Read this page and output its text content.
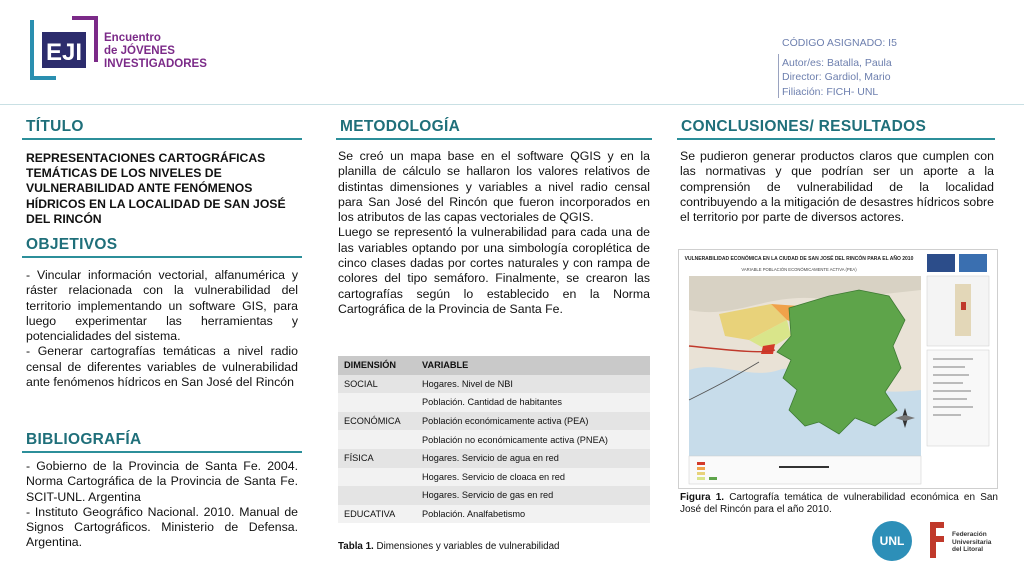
EJI
Encuentro
de JÓVENES
INVESTIGADORES
CÓDIGO ASIGNADO: I5
Autor/es: Batalla, Paula
Director: Gardiol, Mario
Filiación: FICH- UNL
TÍTULO
REPRESENTACIONES CARTOGRÁFICAS TEMÁTICAS DE LOS NIVELES DE VULNERABILIDAD ANTE FENÓMENOS HÍDRICOS EN LA LOCALIDAD DE SAN JOSÉ DEL RINCÓN
OBJETIVOS
- Vincular información vectorial, alfanumérica y ráster relacionada con la vulnerabilidad del territorio implementando un software GIS, para luego experimentar las herramientas y potencialidades del sistema.
- Generar cartografías temáticas a nivel radio censal de diferentes variables de vulnerabilidad ante fenómenos hídricos en San José del Rincón
BIBLIOGRAFÍA
- Gobierno de la Provincia de Santa Fe. 2004. Norma Cartográfica de la Provincia de Santa Fe. SCIT-UNL. Argentina
- Instituto Geográfico Nacional. 2010. Manual de Signos Cartográficos. Ministerio de Defensa. Argentina.
METODOLOGÍA
Se creó un mapa base en el software QGIS y en la planilla de cálculo se hallaron los valores relativos de distintas dimensiones y variables a nivel radio censal para San José del Rincón que fueron incorporados en los atributos de las capas vectoriales de QGIS.
Luego se representó la vulnerabilidad para cada una de las variables optando por una simbología coroplética de cinco clases dadas por cortes naturales y con rampa de colores del tipo semáforo. Finalmente, se crearon las cartografías según lo establecido en la Norma Cartográfica de la Provincia de Santa Fe.
DIMENSIÓN	VARIABLE
SOCIAL	Hogares. Nivel de NBI
	Población. Cantidad de habitantes
ECONÓMICA	Población económicamente activa (PEA)
	Población no económicamente activa (PNEA)
FÍSICA	Hogares. Servicio de agua en red
	Hogares. Servicio de cloaca en red
	Hogares. Servicio de gas en red
EDUCATIVA	Población. Analfabetismo
Tabla 1. Dimensiones y variables de vulnerabilidad
CONCLUSIONES/ RESULTADOS
Se pudieron generar productos claros que cumplen con las normativas y que podrían ser un aporte a la comprensión de vulnerabilidad de la localidad contribuyendo a la mitigación de desastres hídricos sobre el territorio por parte de diversos actores.
VULNERABILIDAD ECONÓMICA EN LA CIUDAD DE SAN JOSÉ DEL RINCÓN PARA EL AÑO 2010
VARIABLE POBLACIÓN ECONÓMICAMENTE ACTIVA (PEA)
Figura 1. Cartografía temática de vulnerabilidad económica en San José del Rincón para el año 2010.
UNL	Federación
Universitaria
del Litoral
